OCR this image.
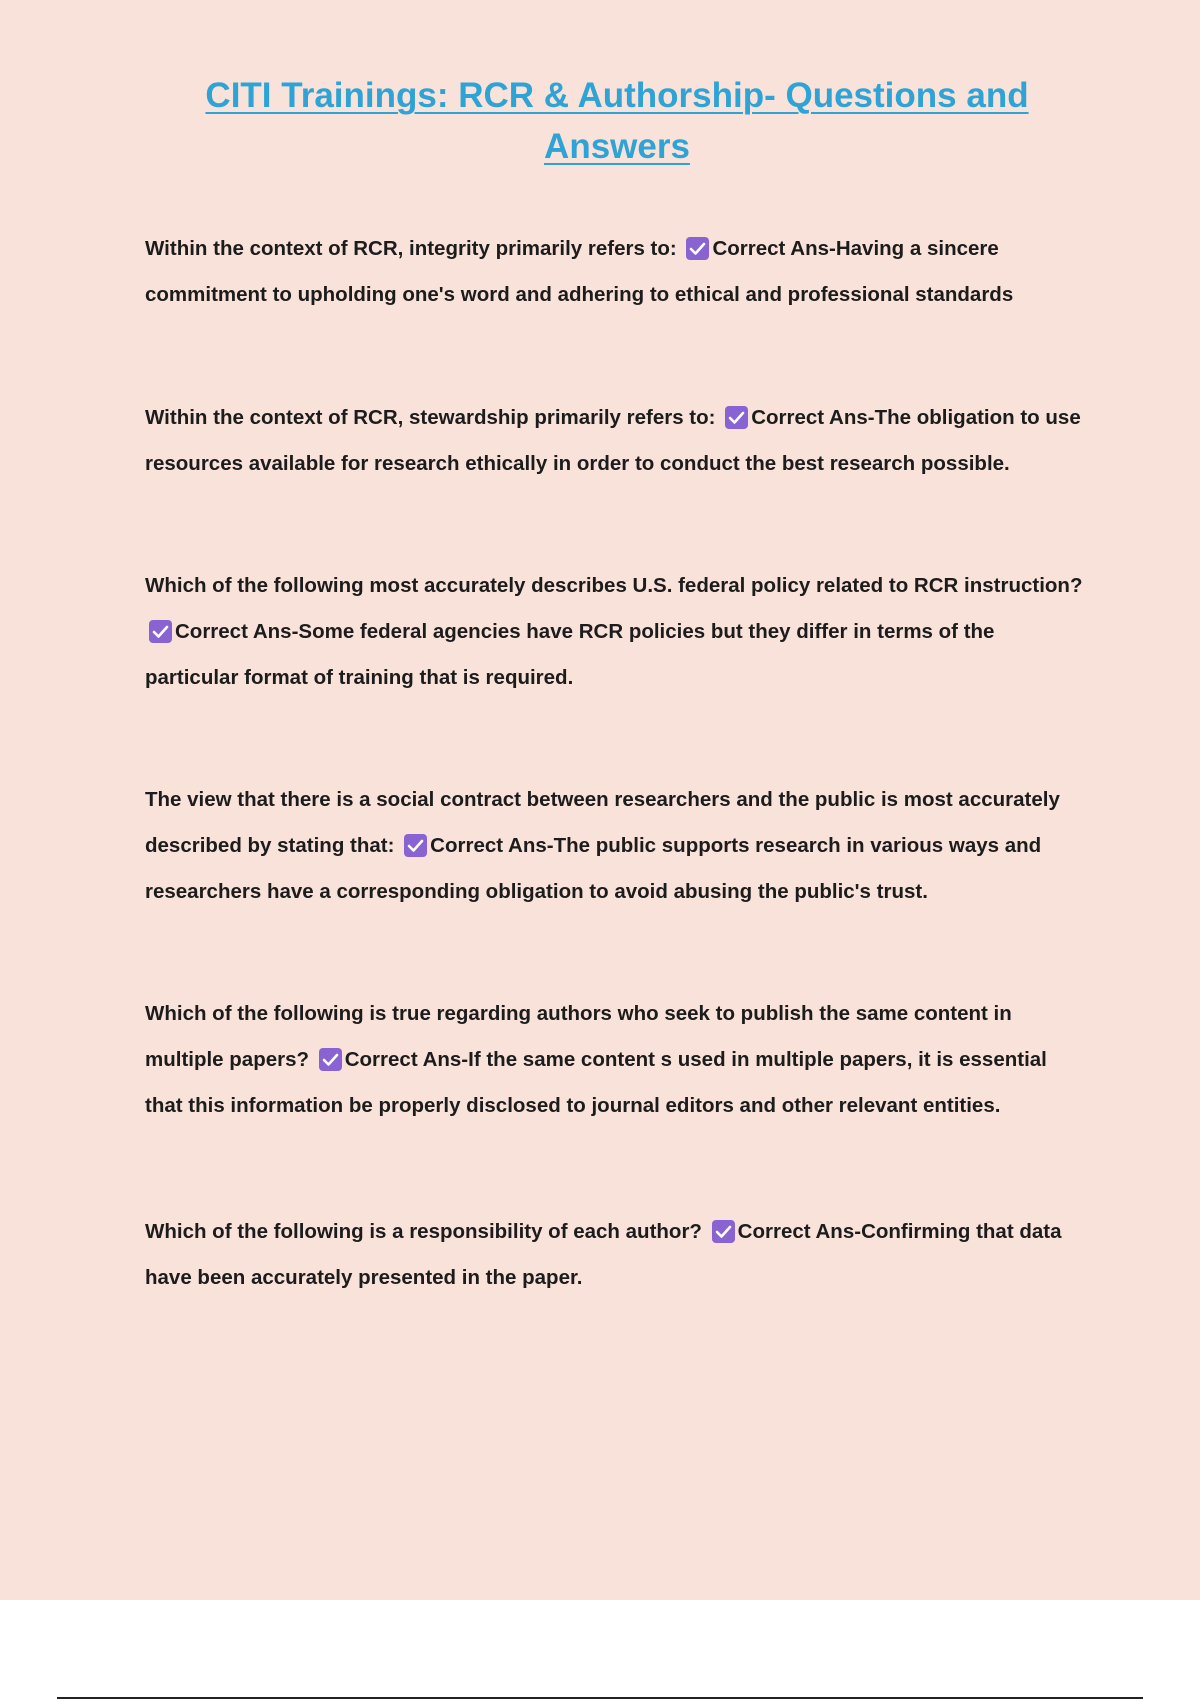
CITI Trainings: RCR & Authorship- Questions and Answers

Within the context of RCR, integrity primarily refers to: Correct Ans-Having a sincere commitment to upholding one's word and adhering to ethical and professional standards

Within the context of RCR, stewardship primarily refers to: Correct Ans-The obligation to use resources available for research ethically in order to conduct the best research possible.

Which of the following most accurately describes U.S. federal policy related to RCR instruction?
Correct Ans-Some federal agencies have RCR policies but they differ in terms of the particular format of training that is required.

The view that there is a social contract between researchers and the public is most accurately described by stating that: Correct Ans-The public supports research in various ways and researchers have a corresponding obligation to avoid abusing the public's trust.

Which of the following is true regarding authors who seek to publish the same content in multiple papers? Correct Ans-If the same content s used in multiple papers, it is essential that this information be properly disclosed to journal editors and other relevant entities.

Which of the following is a responsibility of each author? Correct Ans-Confirming that data have been accurately presented in the paper.
